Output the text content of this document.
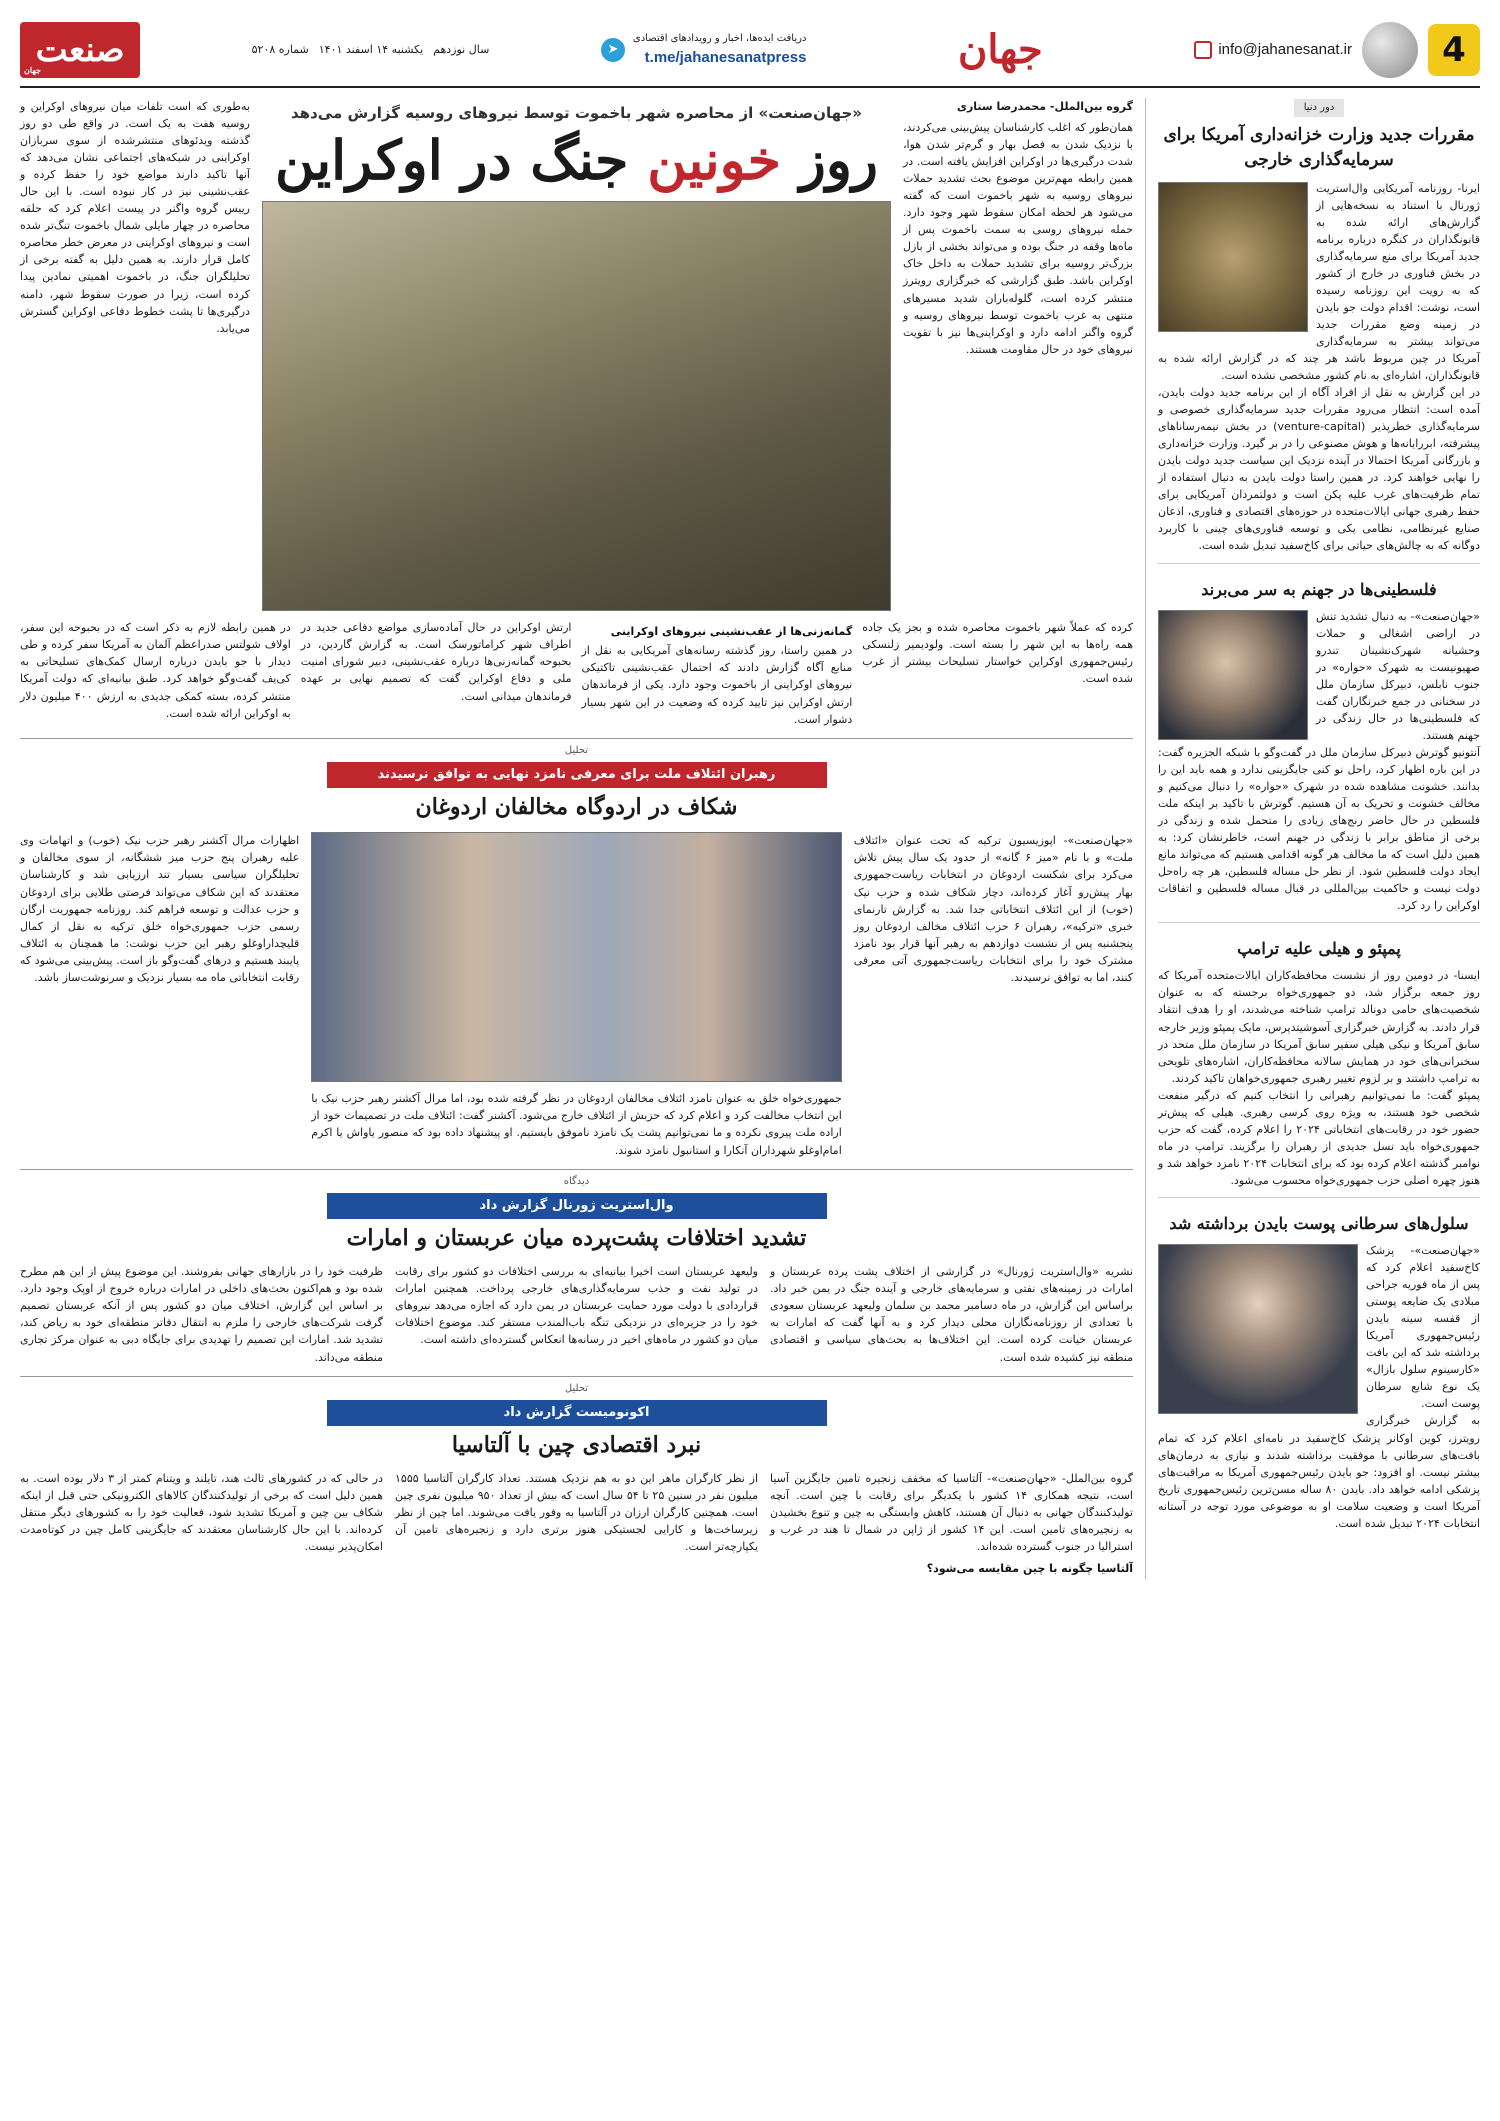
4
info@jahanesanat.ir
جهان
دریافت ایده‌ها، اخبار و رویدادهای اقتصادی
t.me/jahanesanatpress
➤
سال نوزدهم
یکشنبه ۱۴ اسفند ۱۴۰۱
شماره ۵۲۰۸
صنعت
جهان
دور دنیا
مقررات جدید وزارت خزانه‌داری آمریکا برای سرمایه‌گذاری خارجی

ایرنا- روزنامه آمریکایی وال‌استریت ژورنال با استناد به نسخه‌هایی از گزارش‌های ارائه شده به قانونگذاران در کنگره درباره برنامه جدید آمریکا برای منع سرمایه‌گذاری در بخش فناوری در خارج از کشور که به رویت این روزنامه رسیده است، نوشت: اقدام دولت جو بایدن در زمینه وضع مقررات جدید می‌تواند بیشتر به سرمایه‌گذاری آمریکا در چین مربوط باشد هر چند که در گزارش ارائه شده به قانونگذاران، اشاره‌ای به نام کشور مشخصی نشده است.

در این گزارش به نقل از افراد آگاه از این برنامه جدید دولت بایدن، آمده است: انتظار می‌رود مقررات جدید سرمایه‌گذاری خصوصی و سرمایه‌گذاری خطرپذیر (venture-capital) در بخش نیمه‌رساناهای پیشرفته، ابررایانه‌ها و هوش مصنوعی را در بر گیرد. وزارت خزانه‌داری و بازرگانی آمریکا احتمالا در آینده نزدیک این سیاست جدید دولت بایدن را نهایی خواهند کرد. در همین راستا دولت بایدن به دنبال استفاده از تمام ظرفیت‌های غرب علیه پکن است و دولتمردان آمریکایی برای حفظ رهبری جهانی ایالات‌متحده در حوزه‌های اقتصادی و فناوری، اذعان صنایع غیرنظامی، نظامی یکی و توسعه فناوری‌های چینی با کاربرد دوگانه که به چالش‌های حیاتی برای کاخ‌سفید تبدیل شده است.

فلسطینی‌ها در جهنم به سر می‌برند

«جهان‌صنعت»- به دنبال تشدید تنش در اراضی اشغالی و حملات وحشیانه شهرک‌نشینان تندرو صهیونیست به شهرک «حواره» در جنوب نابلس، دبیرکل سازمان ملل در سخنانی در جمع خبرنگاران گفت که فلسطینی‌ها در حال زندگی در جهنم هستند.

آنتونیو گوترش دبیرکل سازمان ملل در گفت‌وگو با شبکه الجزیره گفت: در این باره اظهار کرد، راحل نو کنی جایگزینی ندارد و همه باید این را بدانند. خشونت مشاهده شده در شهرک «حواره» را دنبال می‌کنیم و مخالف خشونت و تحریک به آن هستیم. گوترش با تاکید بر اینکه ملت فلسطین در حال حاضر رنج‌های زیادی را متحمل شده و زندگی در برخی از مناطق برابر با زندگی در جهنم است، خاطرنشان کرد: به همین دلیل است که ما مخالف هر گونه اقدامی هستیم که می‌تواند مانع ایجاد دولت فلسطین شود. از نظر حل مساله فلسطین، هر چه راه‌حل دولت نیست و حاکمیت بین‌المللی در قبال مساله فلسطین و اتفاقات اوکراین را رد کرد.

پمپئو و هیلی علیه ترامپ

ایسنا- در دومین روز از نشست محافظه‌کاران ایالات‌متحده آمریکا که روز جمعه برگزار شد، دو جمهوری‌خواه برجسته که به عنوان شخصیت‌های حامی دونالد ترامپ شناخته می‌شدند، او را هدف انتقاد قرار دادند. به گزارش خبرگزاری آسوشیتدپرس، مایک پمپئو وزیر خارجه سابق آمریکا و نیکی هیلی سفیر سابق آمریکا در سازمان ملل متحد در سخنرانی‌های خود در همایش سالانه محافظه‌کاران، اشاره‌های تلویحی به ترامپ داشتند و بر لزوم تغییر رهبری جمهوری‌خواهان تاکید کردند.

پمپئو گفت: ما نمی‌توانیم رهبرانی را انتخاب کنیم که درگیر منفعت شخصی خود هستند، به ویژه روی کرسی رهبری. هیلی که پیش‌تر حضور خود در رقابت‌های انتخاباتی ۲۰۲۴ را اعلام کرده، گفت که حزب جمهوری‌خواه باید نسل جدیدی از رهبران را برگزیند. ترامپ در ماه نوامبر گذشته اعلام کرده بود که برای انتخابات ۲۰۲۴ نامزد خواهد شد و هنوز چهره اصلی حزب جمهوری‌خواه محسوب می‌شود.

سلول‌های سرطانی پوست بایدن برداشته شد

«جهان‌صنعت»- پزشک کاخ‌سفید اعلام کرد که پس از ماه فوریه جراحی مبلادی یک ضایعه پوستی از قفسه سینه بایدن رئیس‌جمهوری آمریکا برداشته شد که این بافت «کارسینوم سلول بازال» یک نوع شایع سرطان پوست است.

به گزارش خبرگزاری رویترز، کوین اوکانر پزشک کاخ‌سفید در نامه‌ای اعلام کرد که تمام بافت‌های سرطانی با موفقیت برداشته شدند و نیازی به درمان‌های بیشتر نیست. او افزود: جو بایدن رئیس‌جمهوری آمریکا به مراقبت‌های پزشکی ادامه خواهد داد. بایدن ۸۰ ساله مسن‌ترین رئیس‌جمهوری تاریخ آمریکا است و وضعیت سلامت او به موضوعی مورد توجه در آستانه انتخابات ۲۰۲۴ تبدیل شده است.

گروه بین‌الملل- محمدرضا ستاری

همان‌طور که اغلب کارشناسان پیش‌بینی می‌کردند، با نزدیک شدن به فصل بهار و گرم‌تر شدن هوا، شدت درگیری‌ها در اوکراین افزایش یافته است. در همین رابطه مهم‌ترین موضوع بحث تشدید حملات نیروهای روسیه به شهر باخموت است که گفته می‌شود هر لحظه امکان سقوط شهر وجود دارد. حمله نیروهای روسی به سمت باخموت پس از ماه‌ها وقفه در جنگ بوده و می‌تواند بخشی از بازل بزرگ‌تر روسیه برای تشدید حملات به داخل خاک اوکراین باشد. طبق گزارشی که خبرگزاری رویترز منتشر کرده است، گلوله‌باران شدید مسیرهای منتهی به غرب باخموت توسط نیروهای روسیه و گروه واگنر ادامه دارد و اوکراینی‌ها نیز با تقویت نیروهای خود در حال مقاومت هستند.

«جهان‌صنعت» از محاصره شهر باخموت توسط نیروهای روسیه گزارش می‌دهد
روز خونین جنگ در اوکراین

به‌طوری که است تلفات میان نیروهای اوکراین و روسیه هفت به یک است. در واقع طی دو روز گذشته ویدئوهای منتشرشده از سوی سربازان اوکراینی در شبکه‌های اجتماعی نشان می‌دهد که آنها تاکید دارند مواضع خود را حفظ کرده و عقب‌نشینی نیز در کار نبوده است. با این حال رییس گروه واگنر در پیست اعلام کرد که حلقه محاصره در چهار مایلی شمال باخموت تنگ‌تر شده است و نیروهای اوکراینی در معرض خطر محاصره کامل قرار دارند. به همین دلیل به گفته برخی از تحلیلگران جنگ، در باخموت اهمیتی نمادین پیدا کرده است، زیرا در صورت سقوط شهر، دامنه درگیری‌ها تا پشت خطوط دفاعی اوکراین گسترش می‌یابد.

کرده که عملاً شهر باخموت محاصره شده و بجز یک جاده همه راه‌ها به این شهر را بسته است. ولودیمیر زلنسکی رئیس‌جمهوری اوکراین خواستار تسلیحات بیشتر از غرب شده است.

گمانه‌زنی‌ها از عقب‌نشینی نیروهای اوکراینی

در همین راستا، روز گذشته رسانه‌های آمریکایی به نقل از منابع آگاه گزارش دادند که احتمال عقب‌نشینی تاکتیکی نیروهای اوکراینی از باخموت وجود دارد. یکی از فرماندهان ارتش اوکراین نیز تایید کرده که وضعیت در این شهر بسیار دشوار است.

ارتش اوکراین در حال آماده‌سازی مواضع دفاعی جدید در اطراف شهر کراماتورسک است. به گزارش گاردین، در بحبوحه گمانه‌زنی‌ها درباره عقب‌نشینی، دبیر شورای امنیت ملی و دفاع اوکراین گفت که تصمیم نهایی بر عهده فرماندهان میدانی است.

در همین رابطه لازم به ذکر است که در بحبوحه این سفر، اولاف شولتس صدراعظم آلمان به آمریکا سفر کرده و طی دیدار با جو بایدن درباره ارسال کمک‌های تسلیحاتی به کی‌یف گفت‌وگو خواهد کرد. طبق بیانیه‌ای که دولت آمریکا منتشر کرده، بسته کمکی جدیدی به ارزش ۴۰۰ میلیون دلار به اوکراین ارائه شده است.

تحلیل
رهبران ائتلاف ملت برای معرفی نامزد نهایی به توافق نرسیدند
شکاف در اردوگاه مخالفان اردوغان

«جهان‌صنعت»- اپوزیسیون ترکیه که تحت عنوان «ائتلاف ملت» و با نام «میز ۶ گانه» از حدود یک سال پیش تلاش می‌کرد برای شکست اردوغان در انتخابات ریاست‌جمهوری بهار پیش‌رو آغاز کرده‌اند، دچار شکاف شده و حزب نیک (خوب) از این ائتلاف انتخاباتی جدا شد. به گزارش تارنمای خبری «ترکیه»، رهبران ۶ حزب ائتلاف مخالف اردوغان روز پنجشنبه پس از نشست دوازدهم به رهبر آنها قرار بود نامزد مشترک خود را برای انتخابات ریاست‌جمهوری آتی معرفی کنند، اما به توافق نرسیدند.

جمهوری‌خواه خلق به عنوان نامزد ائتلاف مخالفان اردوغان در نظر گرفته شده بود، اما مرال آکشنر رهبر حزب نیک با این انتخاب مخالفت کرد و اعلام کرد که حزبش از ائتلاف خارج می‌شود. آکشنر گفت: ائتلاف ملت در تصمیمات خود از اراده ملت پیروی نکرده و ما نمی‌توانیم پشت یک نامزد ناموفق بایستیم. او پیشنهاد داده بود که منصور یاواش یا اکرم امام‌اوغلو شهرداران آنکارا و استانبول نامزد شوند.

اظهارات مرال آکشنر رهبر حزب نیک (خوب) و اتهامات وی علیه رهبران پنج حزب میز ششگانه، از سوی مخالفان و تحلیلگران سیاسی بسیار تند ارزیابی شد و کارشناسان معتقدند که این شکاف می‌تواند فرصتی طلایی برای اردوغان و حزب عدالت و توسعه فراهم کند. روزنامه جمهوریت ارگان رسمی حزب جمهوری‌خواه خلق ترکیه به نقل از کمال قلیچداراوغلو رهبر این حزب نوشت: ما همچنان به ائتلاف پایبند هستیم و درهای گفت‌وگو باز است. پیش‌بینی می‌شود که رقابت انتخاباتی ماه مه بسیار نزدیک و سرنوشت‌ساز باشد.

دیدگاه
وال‌استریت ژورنال گزارش داد
تشدید اختلافات پشت‌پرده میان عربستان و امارات

نشریه «وال‌استریت ژورنال» در گزارشی از اختلاف پشت پرده عربستان و امارات در زمینه‌های نفتی و سرمایه‌های خارجی و آینده جنگ در یمن خبر داد. براساس این گزارش، در ماه دسامبر محمد بن سلمان ولیعهد عربستان سعودی با تعدادی از روزنامه‌نگاران محلی دیدار کرد و به آنها گفت که امارات به عربستان خیانت کرده است. این اختلاف‌ها به بحث‌های سیاسی و اقتصادی منطقه نیز کشیده شده است.

ولیعهد عربستان است اخیرا بیانیه‌ای به بررسی اختلافات دو کشور برای رقابت در تولید نفت و جذب سرمایه‌گذاری‌های خارجی پرداخت. همچنین امارات قراردادی با دولت مورد حمایت عربستان در یمن دارد که اجازه می‌دهد نیروهای خود را در جزیره‌ای در نزدیکی تنگه باب‌المندب مستقر کند. موضوع اختلافات میان دو کشور در ماه‌های اخیر در رسانه‌ها انعکاس گسترده‌ای داشته است.

ظرفیت خود را در بازارهای جهانی بفروشند. این موضوع پیش از این هم مطرح شده بود و هم‌اکنون بحث‌های داخلی در امارات درباره خروج از اوپک وجود دارد. بر اساس این گزارش، اختلاف میان دو کشور پس از آنکه عربستان تصمیم گرفت شرکت‌های خارجی را ملزم به انتقال دفاتر منطقه‌ای خود به ریاض کند، تشدید شد. امارات این تصمیم را تهدیدی برای جایگاه دبی به عنوان مرکز تجاری منطقه می‌داند.

تحلیل
اکونومیست گزارش داد
نبرد اقتصادی چین با آلتاسیا

گروه بین‌الملل- «جهان‌صنعت»- آلتاسیا که مخفف زنجیره تامین جایگزین آسیا است، نتیجه همکاری ۱۴ کشور با یکدیگر برای رقابت با چین است. آنچه تولیدکنندگان جهانی به دنبال آن هستند، کاهش وابستگی به چین و تنوع بخشیدن به زنجیره‌های تامین است. این ۱۴ کشور از ژاپن در شمال تا هند در غرب و استرالیا در جنوب گسترده شده‌اند.

آلتاسیا چگونه با چین مقایسه می‌شود؟

از نظر کارگران ماهر این دو به هم نزدیک هستند. تعداد کارگران آلتاسیا ۱۵۵۵ میلیون نفر در سنین ۲۵ تا ۵۴ سال است که بیش از تعداد ۹۵۰ میلیون نفری چین است. همچنین کارگران ارزان در آلتاسیا به وفور یافت می‌شوند. اما چین از نظر زیرساخت‌ها و کارایی لجستیکی هنوز برتری دارد و زنجیره‌های تامین آن یکپارچه‌تر است.

در حالی که در کشورهای ثالث هند، تایلند و ویتنام کمتر از ۳ دلار بوده است. به همین دلیل است که برخی از تولیدکنندگان کالاهای الکترونیکی حتی قبل از اینکه شکاف بین چین و آمریکا تشدید شود، فعالیت خود را به کشورهای دیگر منتقل کرده‌اند. با این حال کارشناسان معتقدند که جایگزینی کامل چین در کوتاه‌مدت امکان‌پذیر نیست.
